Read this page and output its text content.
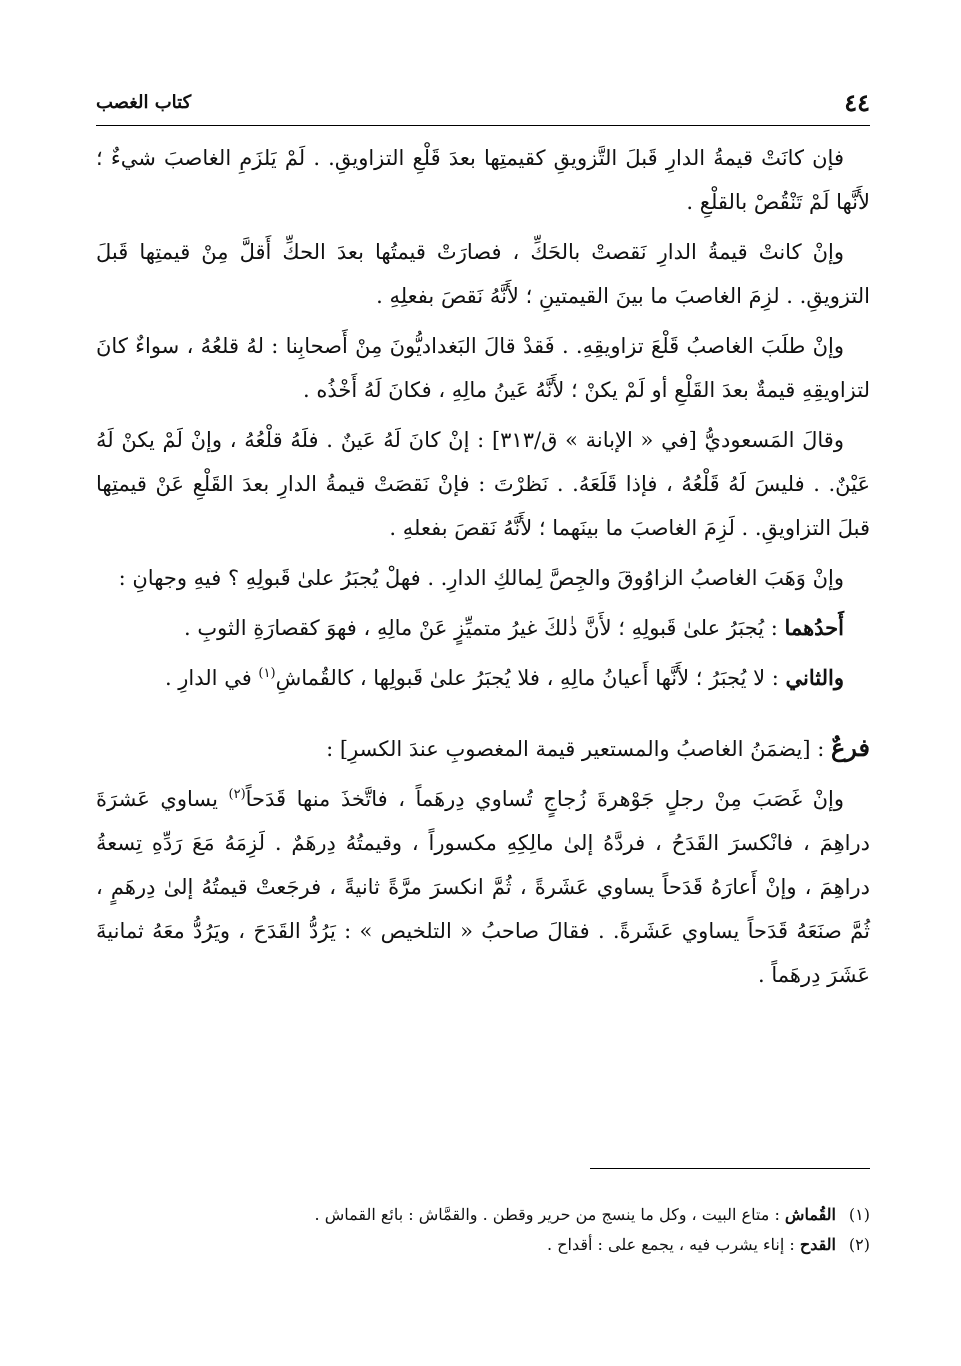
٤٤
كتاب الغصب

فإن كانَتْ قيمةُ الدارِ قَبلَ التَّزويقِ كقيمتِها بعدَ قَلْعِ التزاويقِ. . لَمْ يَلزَمِ الغاصبَ شيءٌ ؛ لأَنَّها لَمْ تَنْقُصْ بالقلْعِ .

وإنْ كانتْ قيمةُ الدارِ نَقصتْ بالحَكِّ ، فصارَتْ قيمتُها بعدَ الحكِّ أَقلَّ مِنْ قيمتِها قَبلَ التزويقِ. . لزِمَ الغاصبَ ما بينَ القيمتينِ ؛ لأَنَّهُ نَقصَ بفعلِهِ .

وإنْ طلَبَ الغاصبُ قَلْعَ تزاويقِهِ. . فَقدْ قالَ البَغداديُّونَ مِنْ أَصحابِنا : لهُ قلعُهُ ، سواءٌ كانَ لتزاويقِهِ قيمةٌ بعدَ القَلْعِ أو لَمْ يكنْ ؛ لأَنَّهُ عَينُ مالِهِ ، فكانَ لَهُ أَخْذُه .

وقالَ المَسعوديُّ [في « الإبانة » ق/٣١٣] : إنْ كانَ لَهُ عَينٌ . فلَهُ قلْعُهُ ، وإنْ لَمْ يكنْ لَهُ عَيْنٌ. . فليسَ لَهُ قَلْعُهُ ، فإذا قَلَعَهُ. . نَظرْتَ : فإنْ نَقصَتْ قيمةُ الدارِ بعدَ القَلْعِ عَنْ قيمتِها قبلَ التزاويقِ. . لَزِمَ الغاصبَ ما بينَهما ؛ لأَنَّهُ نَقصَ بفعلهِ .

وإنْ وَهَبَ الغاصبُ الزاوُوقَ والجِصَّ لِمالكِ الدارِ. . فهلْ يُجبَرُ علىٰ قَبولِهِ ؟ فيهِ وجهانِ :

أَحدُهما : يُجبَرُ علىٰ قَبولِهِ ؛ لأَنَّ ذٰلكَ غيرُ متميِّزٍ عَنْ مالِهِ ، فهوَ كقصارَةِ الثوبِ .

والثاني : لا يُجبَرُ ؛ لأَنَّها أَعيانُ مالِهِ ، فلا يُجبَرُ علىٰ قَبولِها ، كالقُماشِ$^{(١)}$ في الدارِ .

فرعٌ : [يضمَنُ الغاصبُ والمستعير قيمة المغصوبِ عندَ الكسرِ] :

وإنْ غَصَبَ مِنْ رجلٍ جَوْهرةَ زُجاجٍ تُساوي دِرهَماً ، فاتَّخذَ منها قَدَحاً$^{(٢)}$ يساوي عَشرَةَ دراهِمَ ، فانْكسرَ القَدَحُ ، فردَّهُ إلىٰ مالِكِهِ مكسوراً ، وقيمتُهُ دِرهَمٌ . لَزِمَهُ مَعَ رَدِّهِ تِسعةُ دراهِمَ ، وإنْ أَعارَهُ قَدَحاً يساوي عَشَرةً ، ثُمَّ انكسرَ مرَّةً ثانيةً ، فرجَعتْ قيمتُهُ إلىٰ دِرهَمٍ ، ثُمَّ صنَعَهُ قَدَحاً يساوي عَشَرةً. . فقالَ صاحبُ « التلخيص » : يَرُدُّ القَدَحَ ، ويَرُدُّ معَهُ ثمانيةَ عَشَرَ دِرهَماً .

(١)القُماش : متاع البيت ، وكل ما ينسج من حرير وقطن . والقمَّاش : بائع القماش .

(٢)القدح : إناء يشرب فيه ، يجمع على : أقداح .
